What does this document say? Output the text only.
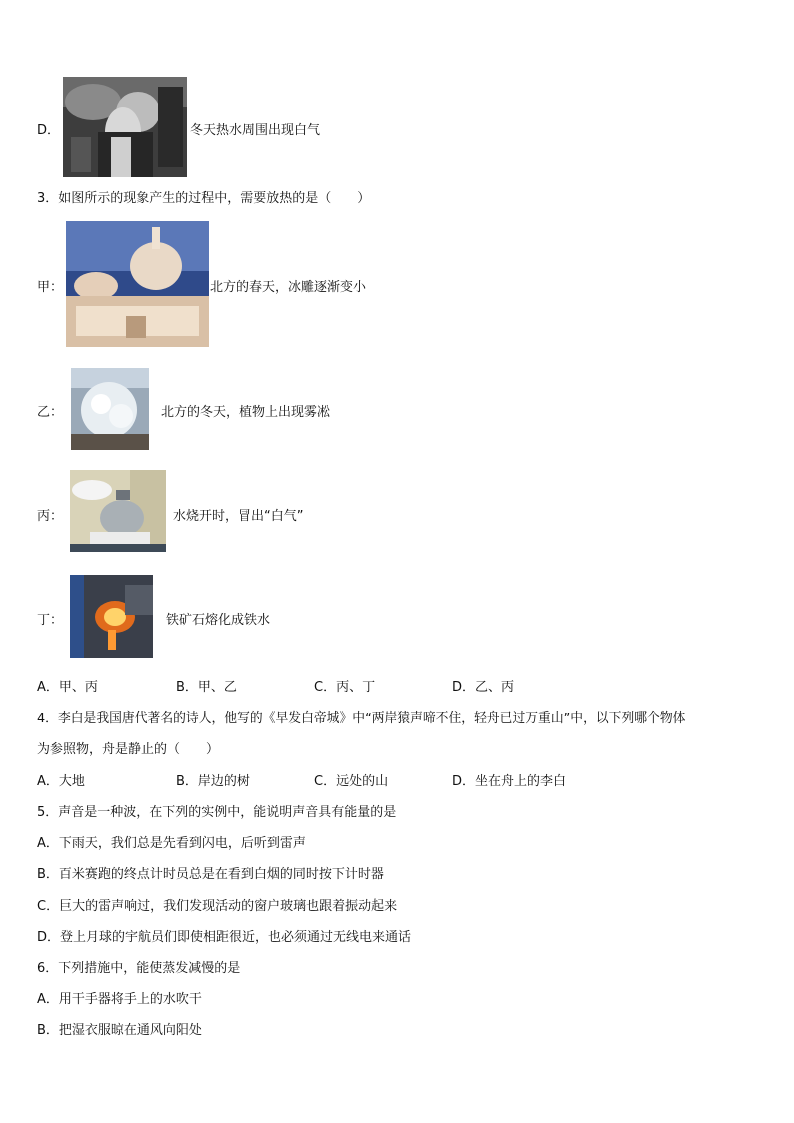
D．	冬天热水周围出现白气
3．如图所示的现象产生的过程中，需要放热的是（　　）
甲：	北方的春天，冰雕逐渐变小
乙：	北方的冬天，植物上出现雾凇
丙：	水烧开时，冒出“白气”
丁：	铁矿石熔化成铁水
A．甲、丙	B．甲、乙	C．丙、丁	D．乙、丙
4．李白是我国唐代著名的诗人，他写的《早发白帝城》中“两岸猿声啼不住，轻舟已过万重山”中，以下列哪个物体
为参照物，舟是静止的（　　）
A．大地	B．岸边的树	C．远处的山	D．坐在舟上的李白
5．声音是一种波，在下列的实例中，能说明声音具有能量的是
A．下雨天，我们总是先看到闪电，后听到雷声
B．百米赛跑的终点计时员总是在看到白烟的同时按下计时器
C．巨大的雷声响过，我们发现活动的窗户玻璃也跟着振动起来
D．登上月球的宇航员们即使相距很近，也必须通过无线电来通话
6．下列措施中，能使蒸发减慢的是
A．用干手器将手上的水吹干
B．把湿衣服晾在通风向阳处
